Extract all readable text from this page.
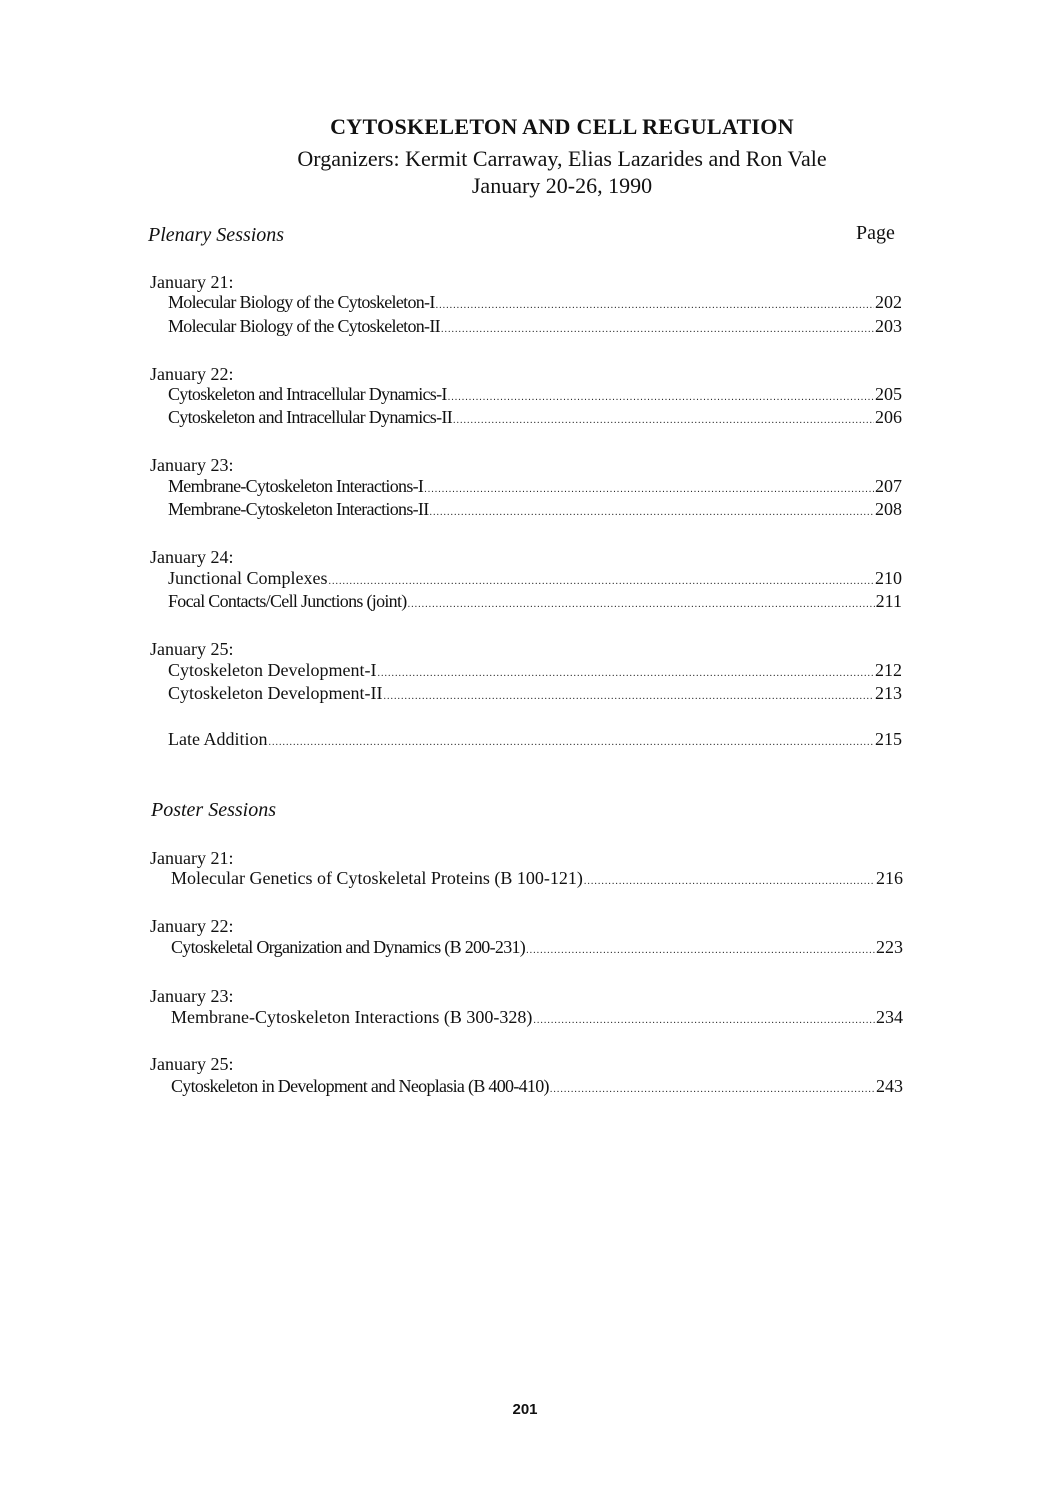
CYTOSKELETON AND CELL REGULATION
Organizers: Kermit Carraway, Elias Lazarides and Ron Vale
January 20-26, 1990
Plenary Sessions	Page
January 21:
Molecular Biology of the Cytoskeleton-I .....	202
Molecular Biology of the Cytoskeleton-II .....	203
January 22:
Cytoskeleton and Intracellular Dynamics-I .....	205
Cytoskeleton and Intracellular Dynamics-II .....	206
January 23:
Membrane-Cytoskeleton Interactions-I .....	207
Membrane-Cytoskeleton Interactions-II .....	208
January 24:
Junctional Complexes .....	210
Focal Contacts/Cell Junctions (joint) .....	211
January 25:
Cytoskeleton Development-I .....	212
Cytoskeleton Development-II .....	213
Late Addition .....	215
Poster Sessions
January 21:
Molecular Genetics of Cytoskeletal Proteins (B 100-121) .....	216
January 22:
Cytoskeletal Organization and Dynamics (B 200-231) .....	223
January 23:
Membrane-Cytoskeleton Interactions (B 300-328) .....	234
January 25:
Cytoskeleton in Development and Neoplasia (B 400-410) .....	243
201
